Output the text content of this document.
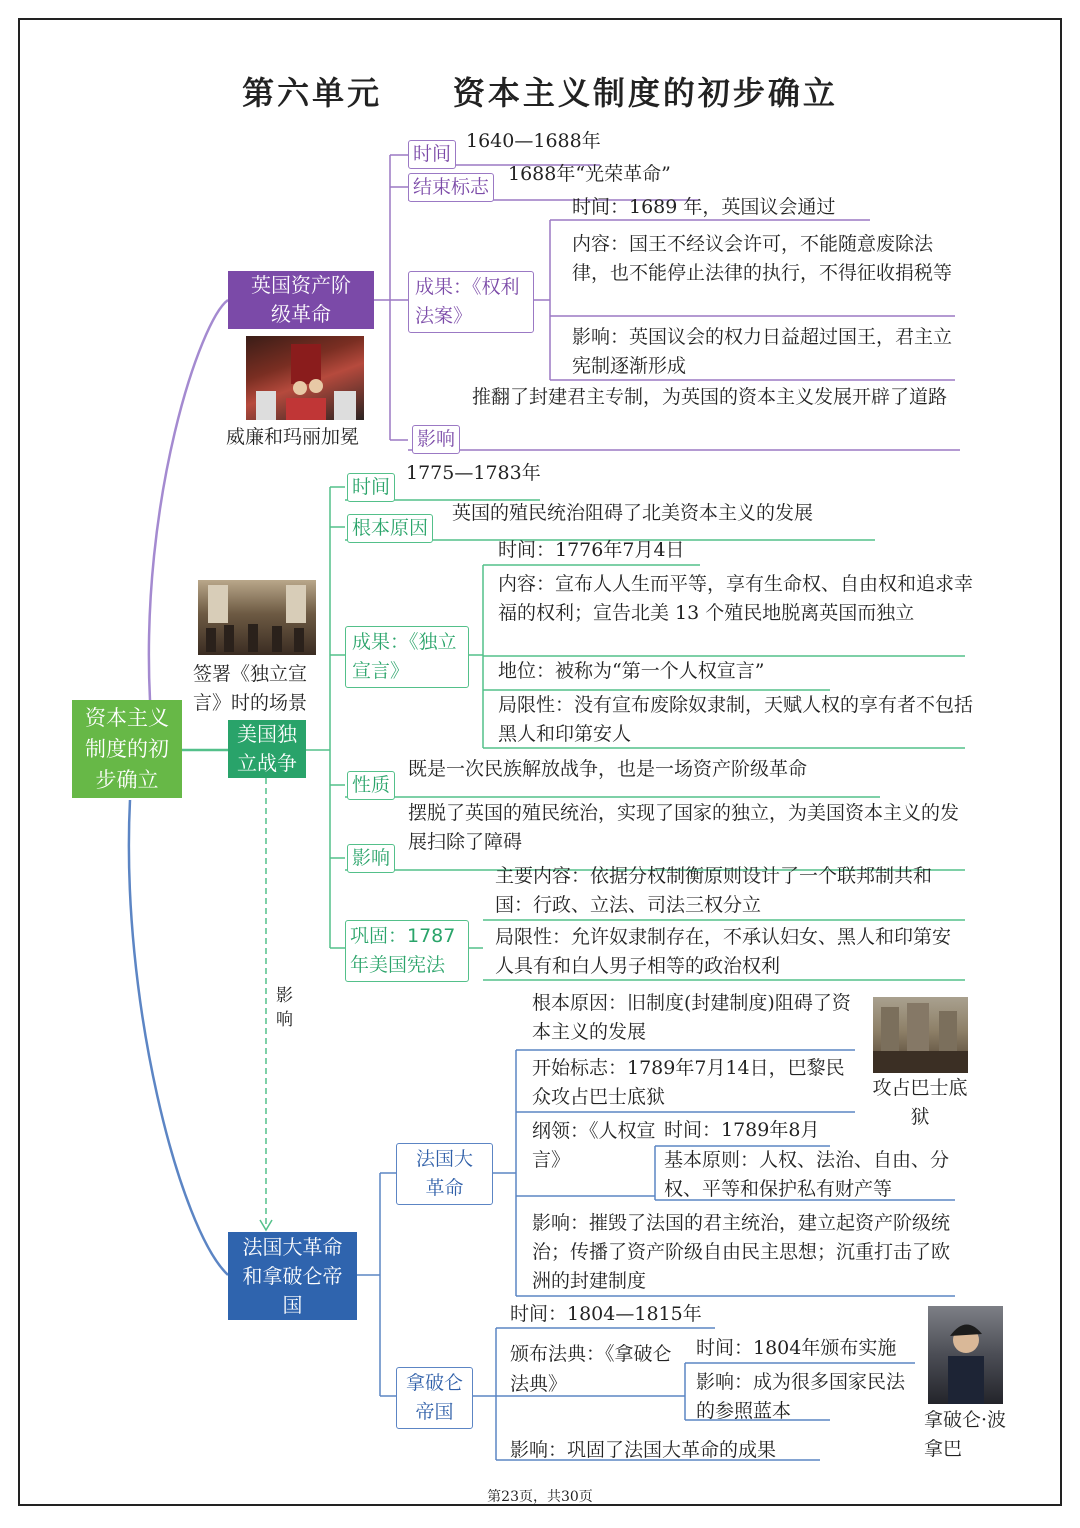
第六单元     资本主义制度的初步确立
资本主义制度的初步确立
英国资产阶级革命
威廉和玛丽加冕
时间
1640—1688年
结束标志
1688年“光荣革命”
成果：《权利法案》
时间：1689 年，英国议会通过
内容：国王不经议会许可，不能随意废除法律，也不能停止法律的执行，不得征收捐税等
影响：英国议会的权力日益超过国王，君主立宪制逐渐形成
影响
推翻了封建君主专制，为英国的资本主义发展开辟了道路
签署《独立宣言》时的场景
美国独立战争
时间
1775—1783年
根本原因
英国的殖民统治阻碍了北美资本主义的发展
成果：《独立宣言》
时间：1776年7月4日
内容：宣布人人生而平等，享有生命权、自由权和追求幸福的权利；宣告北美 13 个殖民地脱离英国而独立
地位：被称为“第一个人权宣言”
局限性：没有宣布废除奴隶制，天赋人权的享有者不包括黑人和印第安人
性质
既是一次民族解放战争，也是一场资产阶级革命
影响
摆脱了英国的殖民统治，实现了国家的独立，为美国资本主义的发展扫除了障碍
巩固：1787年美国宪法
主要内容：依据分权制衡原则设计了一个联邦制共和国：行政、立法、司法三权分立
局限性：允许奴隶制存在，不承认妇女、黑人和印第安人具有和白人男子相等的政治权利
影响
法国大革命和拿破仑帝国
法国大革命
根本原因：旧制度(封建制度)阻碍了资本主义的发展
开始标志：1789年7月14日，巴黎民众攻占巴士底狱	攻占巴士底狱
纲领：《人权宣言》
时间：1789年8月
基本原则：人权、法治、自由、分权、平等和保护私有财产等
影响：摧毁了法国的君主统治，建立起资产阶级统治；传播了资产阶级自由民主思想；沉重打击了欧洲的封建制度
拿破仑帝国
时间：1804—1815年
颁布法典：《拿破仑法典》
时间：1804年颁布实施
影响：成为很多国家民法的参照蓝本
影响：巩固了法国大革命的成果
拿破仑·波拿巴
第23页，共30页
